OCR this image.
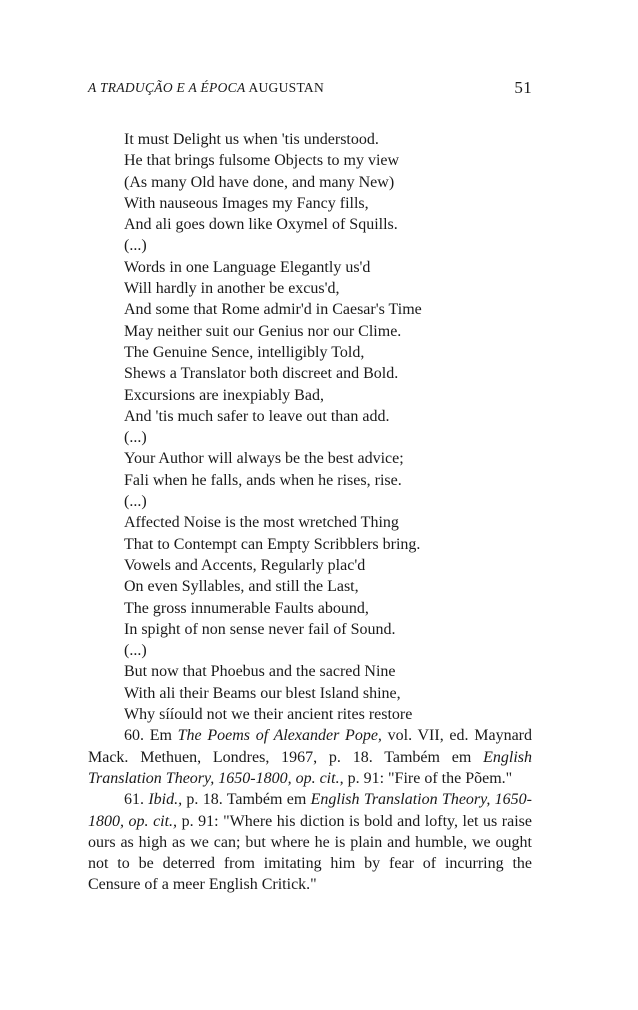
A TRADUÇÃO E A ÉPOCA AUGUSTAN	51
It must Delight us when 'tis understood.
He that brings fulsome Objects to my view
(As many Old have done, and many New)
With nauseous Images my Fancy fills,
And ali goes down like Oxymel of Squills.
(...)
Words in one Language Elegantly us'd
Will hardly in another be excus'd,
And some that Rome admir'd in Caesar's Time
May neither suit our Genius nor our Clime.
The Genuine Sence, intelligibly Told,
Shews a Translator both discreet and Bold.
Excursions are inexpiably Bad,
And 'tis much safer to leave out than add.
(...)
Your Author will always be the best advice;
Fali when he falls, ands when he rises, rise.
(...)
Affected Noise is the most wretched Thing
That to Contempt can Empty Scribblers bring.
Vowels and Accents, Regularly plac'd
On even Syllables, and still the Last,
The gross innumerable Faults abound,
In spight of non sense never fail of Sound.
(...)
But now that Phoebus and the sacred Nine
With ali their Beams our blest Island shine,
Why sííould not we their ancient rites restore
60. Em The Poems of Alexander Pope, vol. VII, ed. Maynard Mack. Methuen, Londres, 1967, p. 18. Também em English Translation Theory, 1650-1800, op. cit., p. 91: "Fire of the Põem."
61. Ibid., p. 18. Também em English Translation Theory, 1650-1800, op. cit., p. 91: "Where his diction is bold and lofty, let us raise ours as high as we can; but where he is plain and humble, we ought not to be deterred from imitating him by fear of incurring the Censure of a meer English Critick."
